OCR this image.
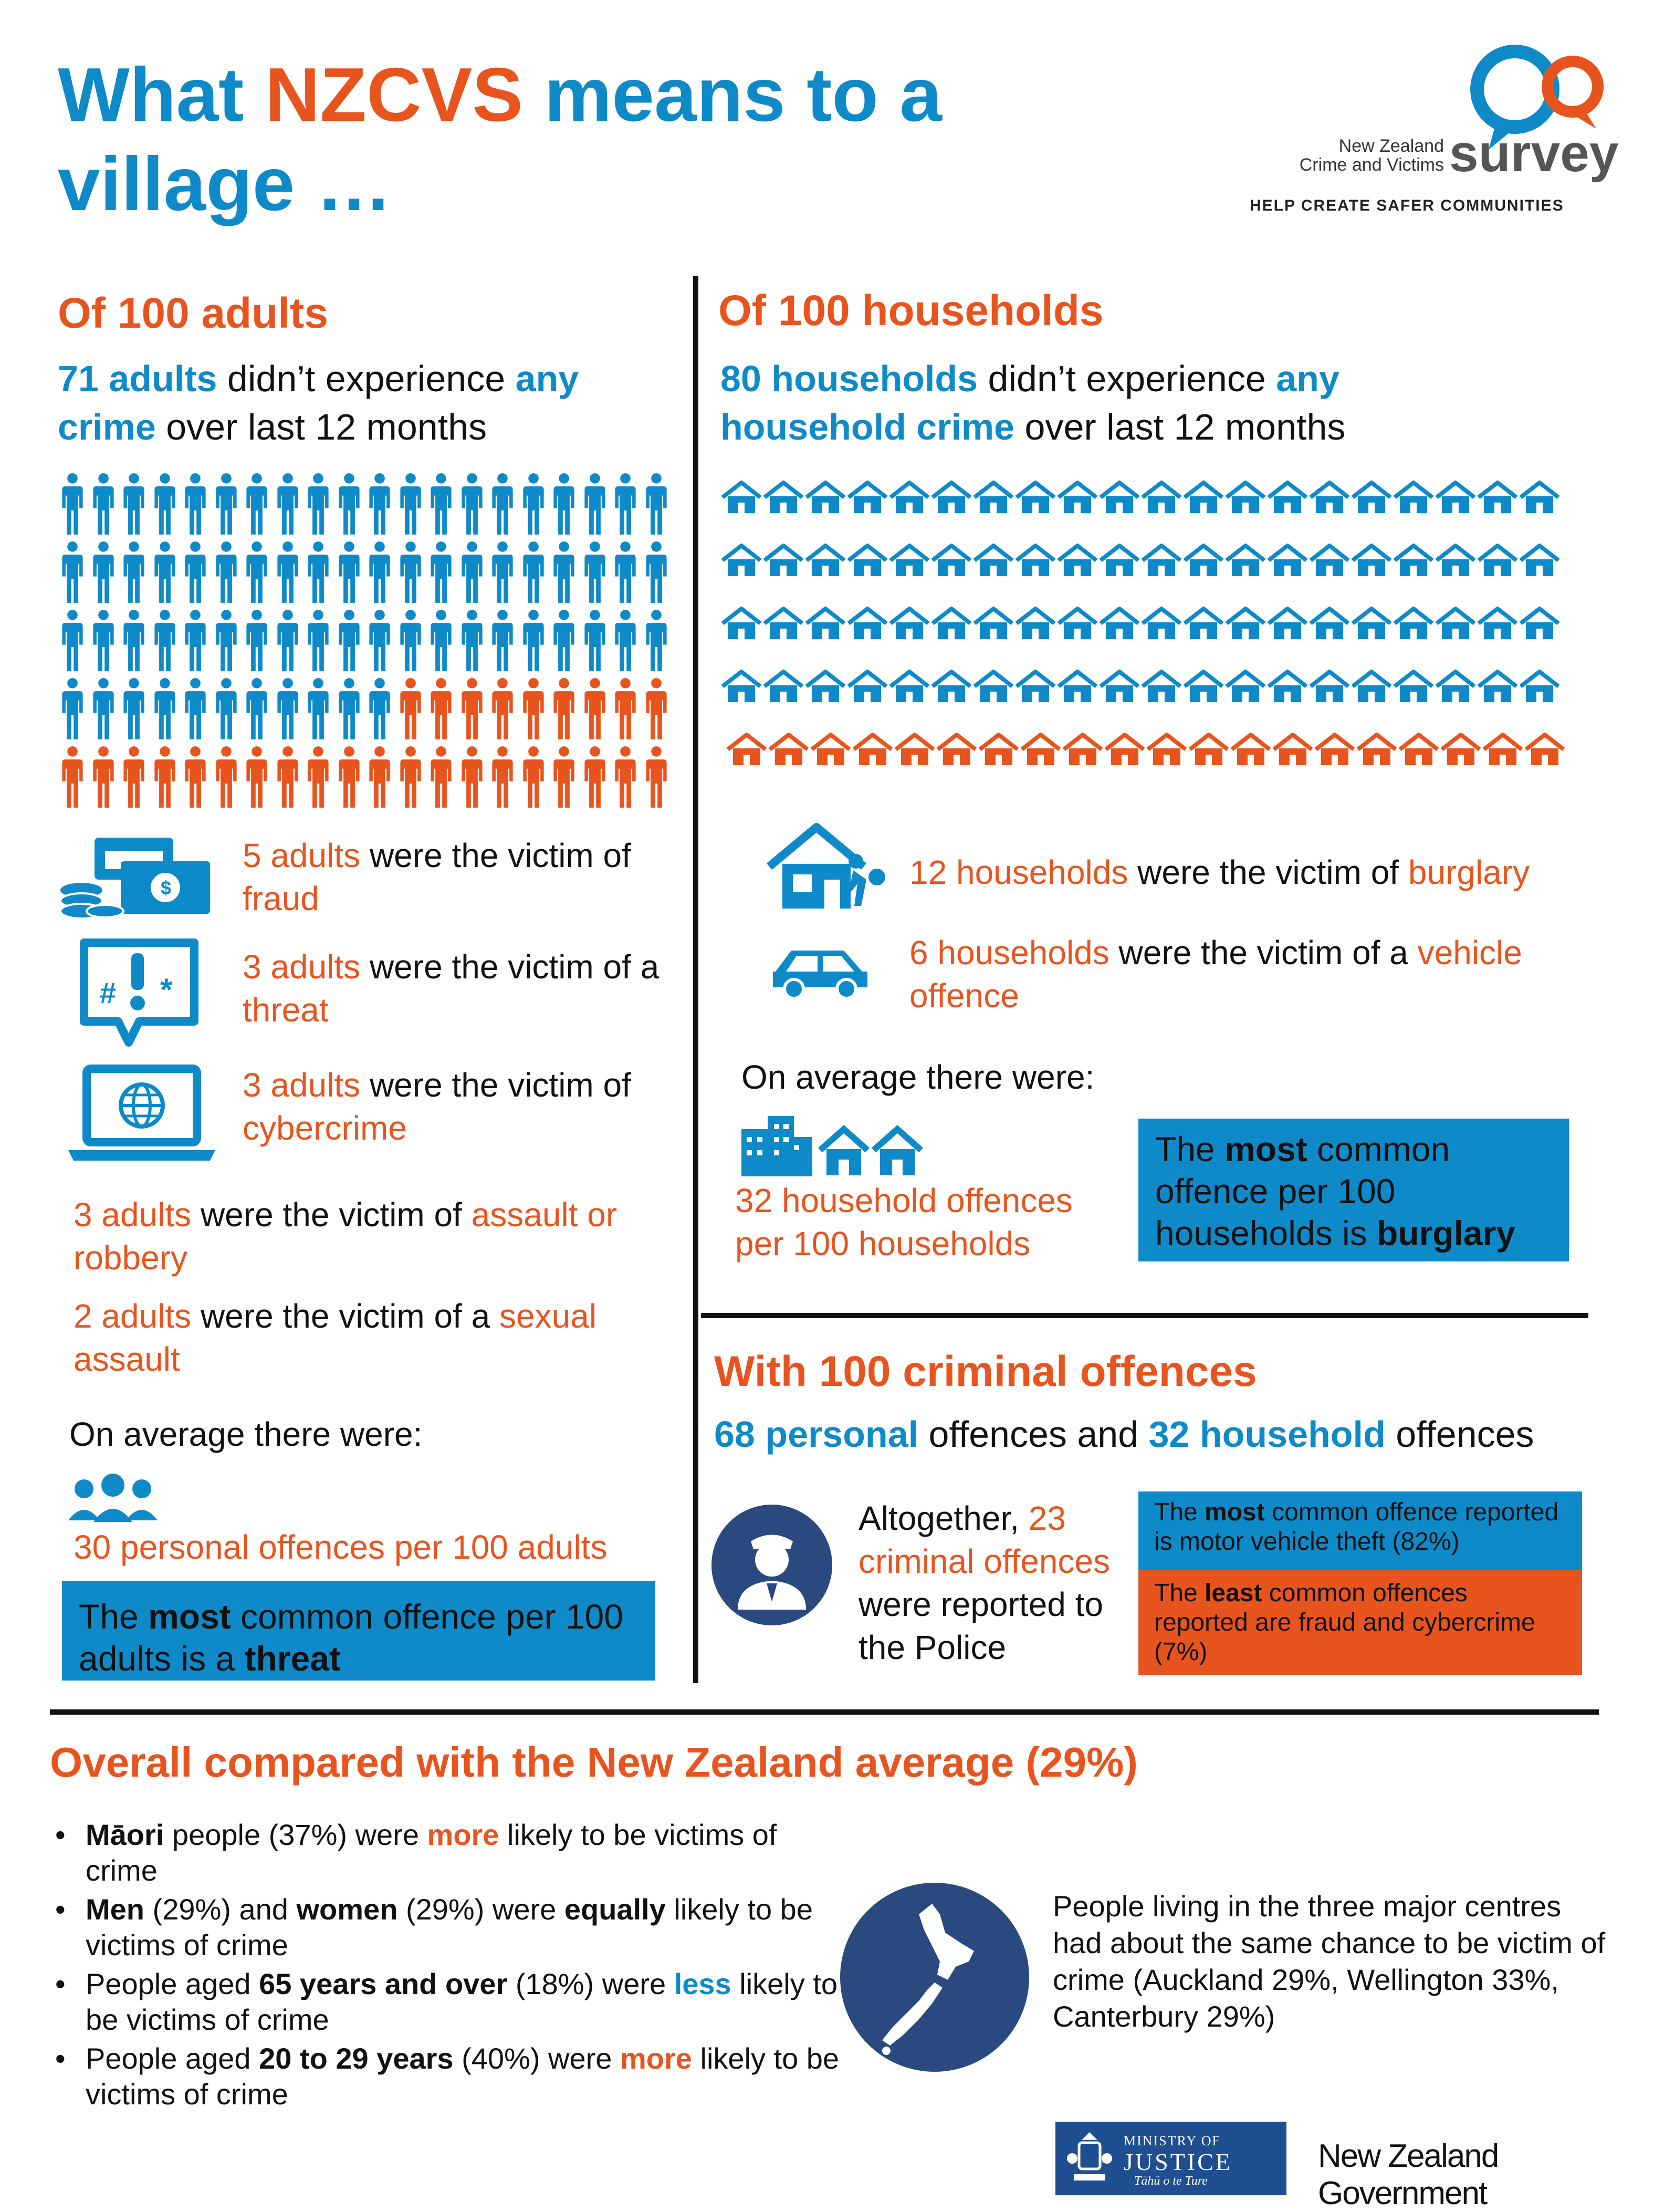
What NZCVS means to a village …	New Zealand
Crime and Victims survey
HELP CREATE SAFER COMMUNITIES
Of 100 adults
71 adults didn’t experience any crime over last 12 months
$
5 adults were the victim of fraud
# *
3 adults were the victim of a threat
3 adults were the victim of cybercrime
3 adults were the victim of assault or robbery
2 adults were the victim of a sexual assault
On average there were:
30 personal offences per 100 adults
The most common offence per 100 adults is a threat
Of 100 households
80 households didn’t experience any
household crime over last 12 months
12 households were the victim of burglary
6 households were the victim of a vehicle offence
On average there were:
32 household offences per 100 households
The most common offence per 100 households is burglary
With 100 criminal offences
68 personal offences and 32 household offences
Altogether, 23 criminal offences were reported to the Police
The most common offence reported is motor vehicle theft (82%)
The least common offences reported are fraud and cybercrime (7%)
Overall compared with the New Zealand average (29%)
• Māori people (37%) were more likely to be victims of crime
• Men (29%) and women (29%) were equally likely to be victims of crime
• People aged 65 years and over (18%) were less likely to be victims of crime
• People aged 20 to 29 years (40%) were more likely to be victims of crime
People living in the three major centres had about the same chance to be victim of crime (Auckland 29%, Wellington 33%, Canterbury 29%)
MINISTRY OF
JUSTICE
Tāhū o te Ture
New Zealand Government
